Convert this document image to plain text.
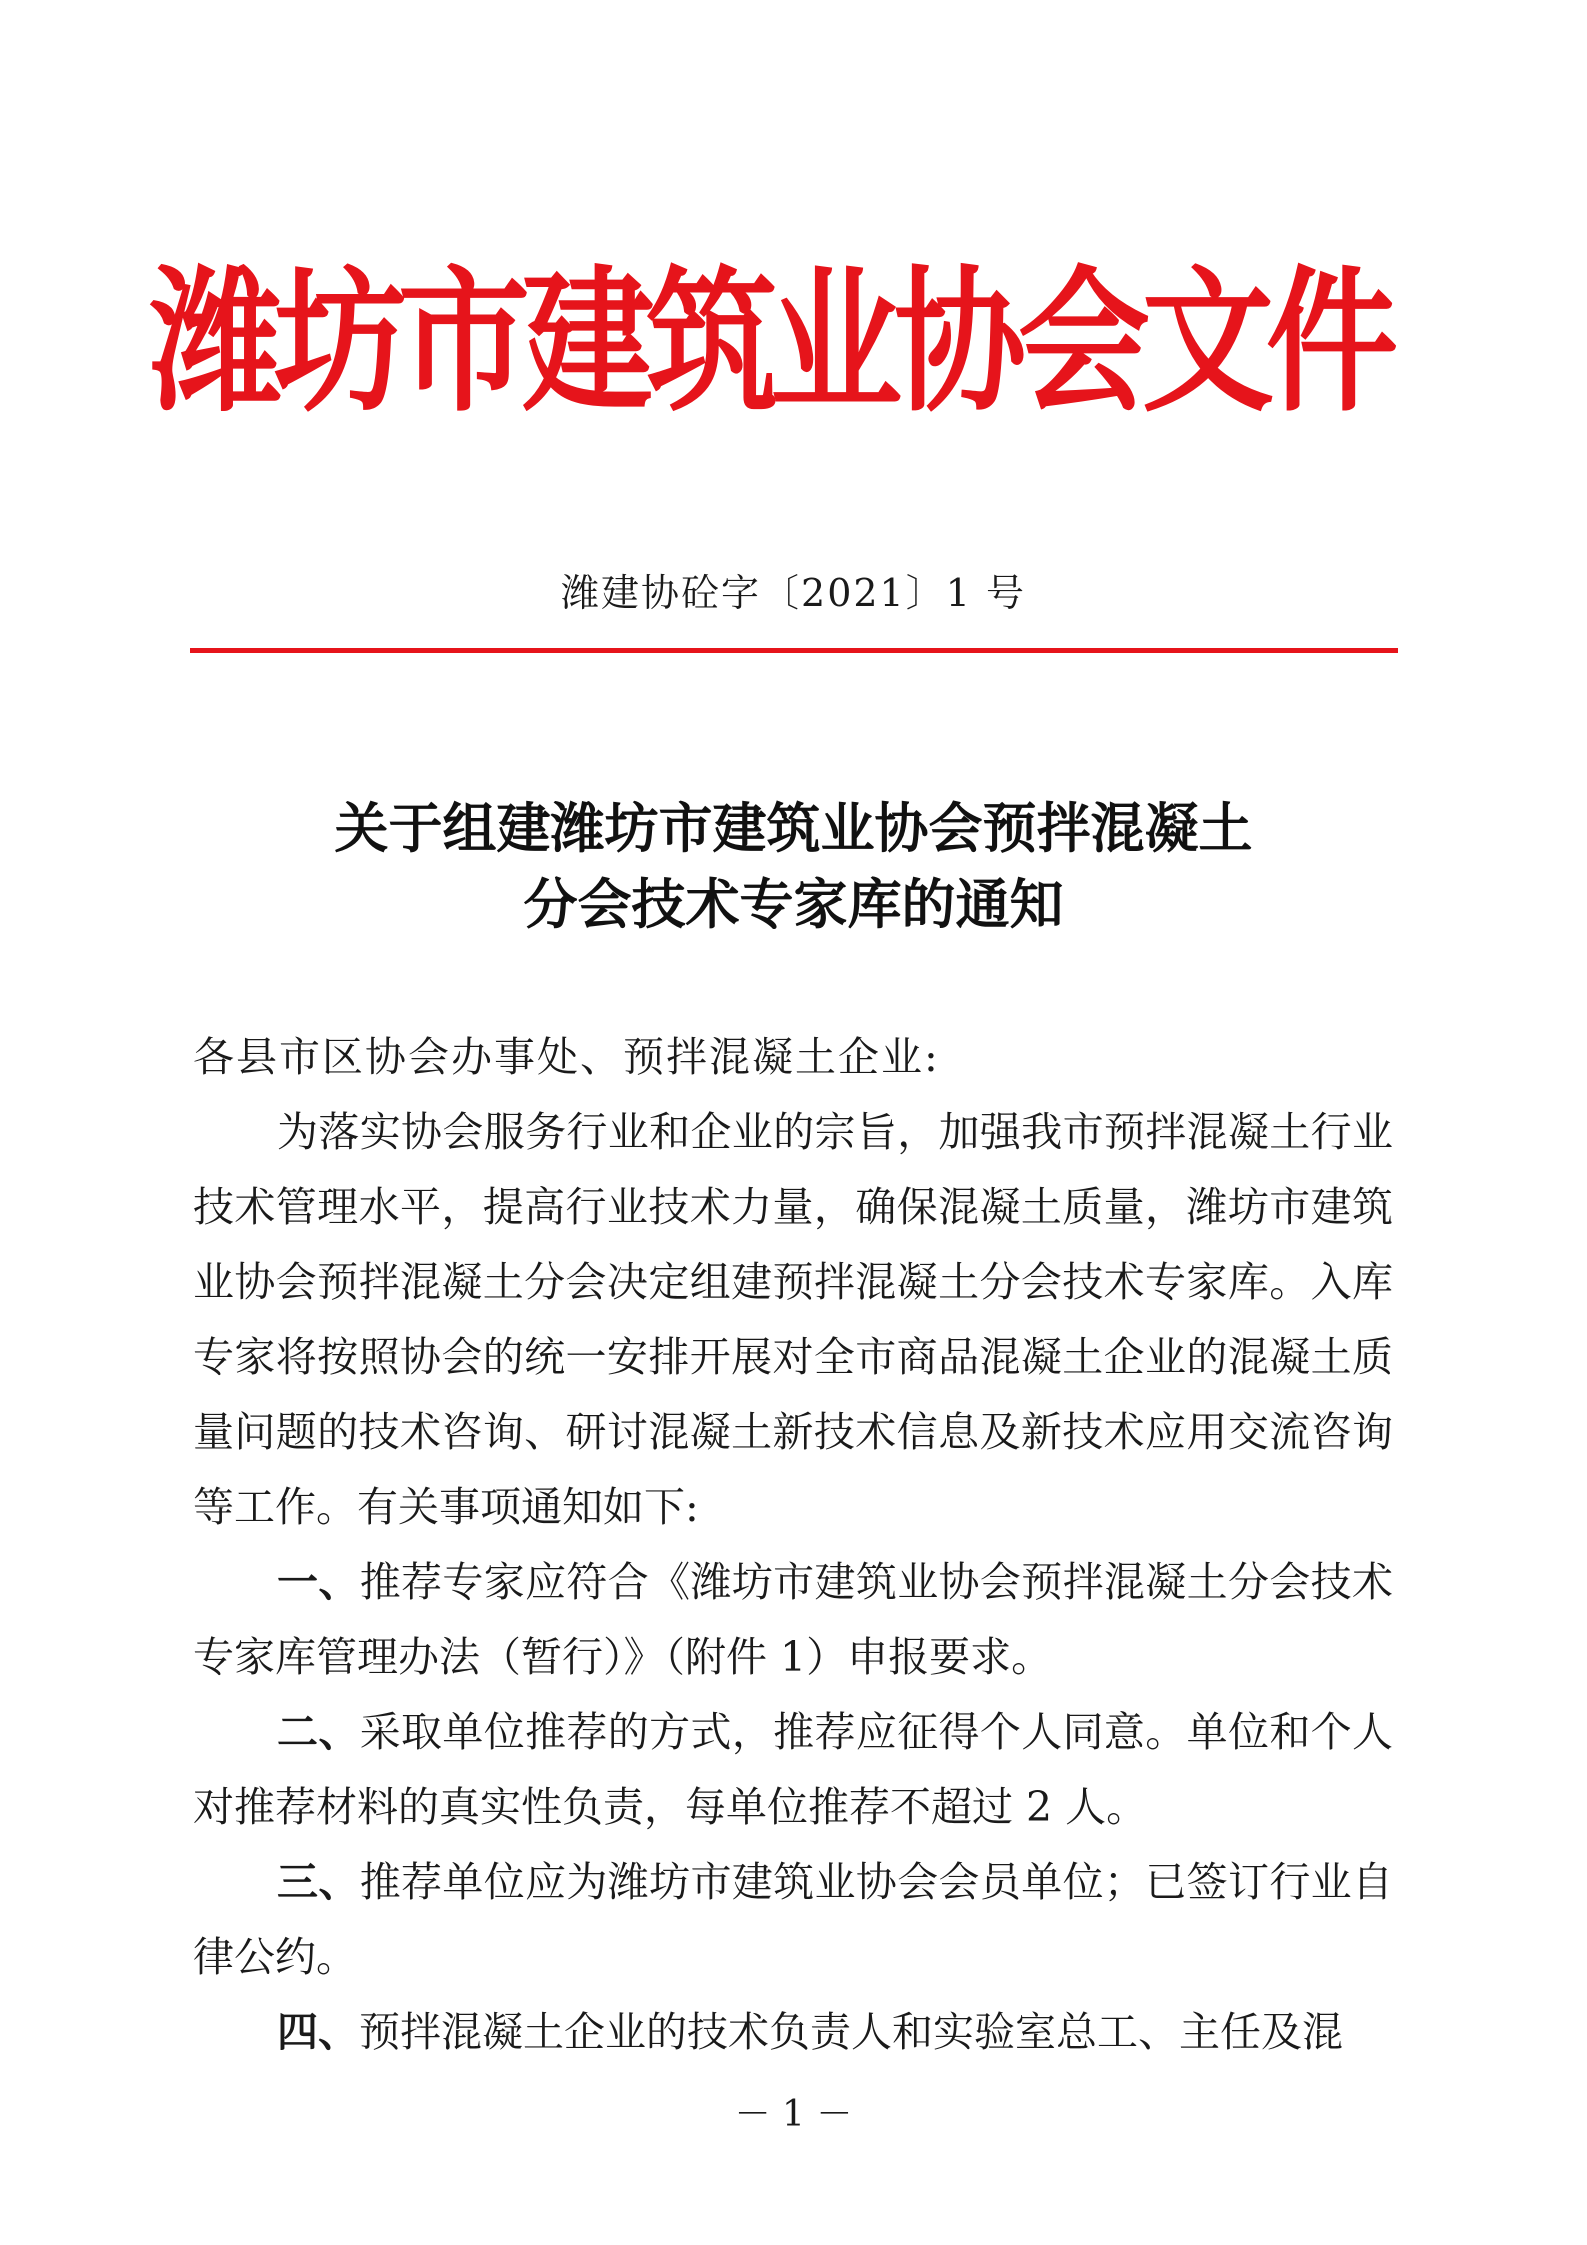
潍坊市建筑业协会文件
潍建协砼字〔2021〕1 号
关于组建潍坊市建筑业协会预拌混凝土
分会技术专家库的通知

各县市区协会办事处、预拌混凝土企业:

为落实协会服务行业和企业的宗旨，加强我市预拌混凝土行业技术管理水平，提高行业技术力量，确保混凝土质量，潍坊市建筑业协会预拌混凝土分会决定组建预拌混凝土分会技术专家库。入库专家将按照协会的统一安排开展对全市商品混凝土企业的混凝土质量问题的技术咨询、研讨混凝土新技术信息及新技术应用交流咨询等工作。有关事项通知如下:

一、推荐专家应符合《潍坊市建筑业协会预拌混凝土分会技术专家库管理办法（暂行）》（附件 1）申报要求。

二、采取单位推荐的方式，推荐应征得个人同意。单位和个人对推荐材料的真实性负责，每单位推荐不超过 2 人。

三、推荐单位应为潍坊市建筑业协会会员单位；已签订行业自律公约。

四、预拌混凝土企业的技术负责人和实验室总工、主任及混

－ 1 －
